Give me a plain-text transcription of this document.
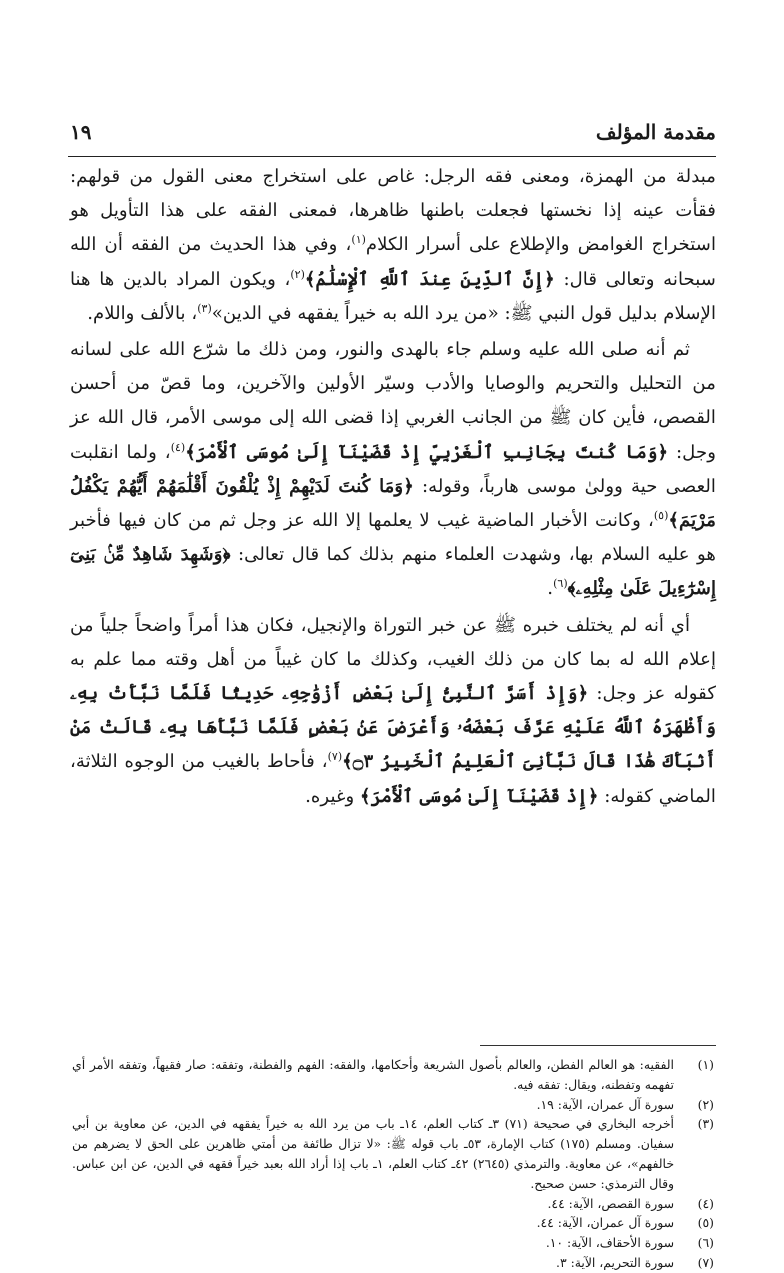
مقدمة المؤلف
١٩

مبدلة من الهمزة، ومعنى فقه الرجل: غاص على استخراج معنى القول من قولهم: فقأت عينه إذا نخستها فجعلت باطنها ظاهرها، فمعنى الفقه على هذا التأويل هو استخراج الغوامض والإطلاع على أسرار الكلام$^{(١)}$، وفي هذا الحديث من الفقه أن الله سبحانه وتعالى قال: ﴿إِنَّ ٱلدِّينَ عِندَ ٱللَّهِ ٱلْإِسْلَٰمُ﴾$^{(٢)}$، ويكون المراد بالدين ها هنا الإسلام بدليل قول النبي ﷺ: «من يرد الله به خيراً يفقهه في الدين»$^{(٣)}$، بالألف واللام.

ثم أنه صلى الله عليه وسلم جاء بالهدى والنور، ومن ذلك ما شرّع الله على لسانه من التحليل والتحريم والوصايا والأدب وسيّر الأولين والآخرين، وما قصّ من أحسن القصص، فأين كان ﷺ من الجانب الغربي إذا قضى الله إلى موسى الأمر، قال الله عز وجل: ﴿وَمَا كُنتَ بِجَانِبِ ٱلْغَرْبِيِّ إِذْ قَضَيْنَآ إِلَىٰ مُوسَى ٱلْأَمْرَ﴾$^{(٤)}$، ولما انقلبت العصى حية وولىٰ موسى هارباً، وقوله: ﴿وَمَا كُنتَ لَدَيْهِمْ إِذْ يُلْقُونَ أَقْلَٰمَهُمْ أَيُّهُمْ يَكْفُلُ مَرْيَمَ﴾$^{(٥)}$، وكانت الأخبار الماضية غيب لا يعلمها إلا الله عز وجل ثم من كان فيها فأخبر هو عليه السلام بها، وشهدت العلماء منهم بذلك كما قال تعالى: ﴿وَشَهِدَ شَاهِدٌ مِّنۢ بَنِىٓ إِسْرَٰٓءِيلَ عَلَىٰ مِثْلِهِۦ﴾$^{(٦)}$.

أي أنه لم يختلف خبره ﷺ عن خبر التوراة والإنجيل، فكان هذا أمراً واضحاً جلياً من إعلام الله له بما كان من ذلك الغيب، وكذلك ما كان غيباً من أهل وقته مما علم به كقوله عز وجل: ﴿وَإِذْ أَسَرَّ ٱلنَّبِىُّ إِلَىٰ بَعْضِ أَزْوَٰجِهِۦ حَدِيثًا فَلَمَّا نَبَّأَتْ بِهِۦ وَأَظْهَرَهُ ٱللَّهُ عَلَيْهِ عَرَّفَ بَعْضَهُۥ وَأَعْرَضَ عَنۢ بَعْضٍ فَلَمَّا نَبَّأَهَا بِهِۦ قَالَتْ مَنْ أَنۢبَأَكَ هَٰذَا قَالَ نَبَّأَنِىَ ٱلْعَلِيمُ ٱلْخَبِيرُ ۝٣﴾$^{(٧)}$، فأحاط بالغيب من الوجوه الثلاثة، الماضي كقوله: ﴿إِذْ قَضَيْنَآ إِلَىٰ مُوسَى ٱلْأَمْرَ﴾ وغيره.

(١)
الفقيه: هو العالم الفطن، والعالم بأصول الشريعة وأحكامها، والفقه: الفهم والفطنة، وتفقه: صار فقيهاً، وتفقه الأمر أي تفهمه وتفطنه، ويقال: تفقه فيه.
(٢)
سورة آل عمران، الآية: ١٩.
(٣)
أخرجه البخاري في صحيحة (٧١) ٣ـ كتاب العلم، ١٤ـ باب من يرد الله به خيراً يفقهه في الدين، عن معاوية بن أبي سفيان. ومسلم (١٧٥) كتاب الإمارة، ٥٣ـ باب قوله ﷺ: «لا تزال طائفة من أمتي ظاهرين على الحق لا يضرهم من خالفهم»، عن معاوية. والترمذي (٢٦٤٥) ٤٢ـ كتاب العلم، ١ـ باب إذا أراد الله بعبد خيراً فقهه في الدين، عن ابن عباس. وقال الترمذي: حسن صحيح.
(٤)
سورة القصص، الآية: ٤٤.
(٥)
سورة آل عمران، الآية: ٤٤.
(٦)
سورة الأحقاف، الآية: ١٠.
(٧)
سورة التحريم، الآية: ٣.
